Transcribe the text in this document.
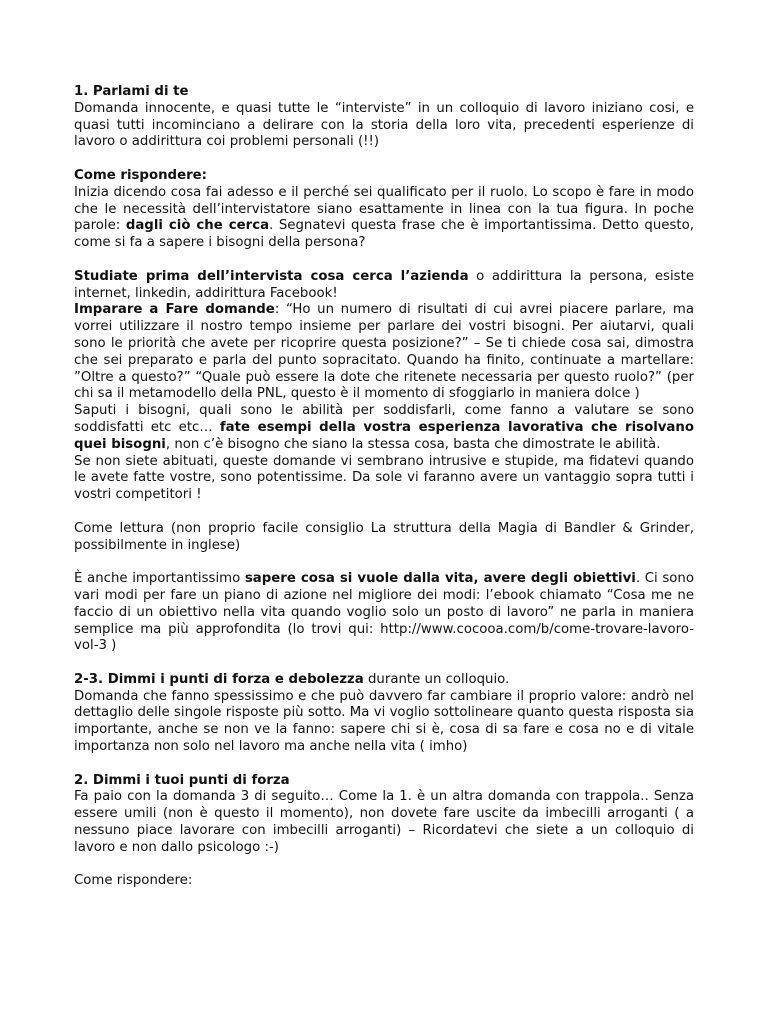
1. Parlami di te

Domanda innocente, e quasi tutte le “interviste” in un colloquio di lavoro iniziano cosi, e quasi tutti incominciano a delirare con la storia della loro vita, precedenti esperienze di lavoro o addirittura coi problemi personali (!!)

Come rispondere:

Inizia dicendo cosa fai adesso e il perché sei qualificato per il ruolo. Lo scopo è fare in modo che le necessità dell’intervistatore siano esattamente in linea con la tua figura. In poche parole: dagli ciò che cerca. Segnatevi questa frase che è importantissima. Detto questo, come si fa a sapere i bisogni della persona?

Studiate prima dell’intervista cosa cerca l’azienda o addirittura la persona, esiste internet, linkedin, addirittura Facebook!

Imparare a Fare domande: “Ho un numero di risultati di cui avrei piacere parlare, ma vorrei utilizzare il nostro tempo insieme per parlare dei vostri bisogni. Per aiutarvi, quali sono le priorità che avete per ricoprire questa posizione?” – Se ti chiede cosa sai, dimostra che sei preparato e parla del punto sopracitato. Quando ha finito, continuate a martellare: ”Oltre a questo?” “Quale può essere la dote che ritenete necessaria per questo ruolo?” (per chi sa il metamodello della PNL, questo è il momento di sfoggiarlo in maniera dolce )

Saputi i bisogni, quali sono le abilità per soddisfarli, come fanno a valutare se sono soddisfatti etc etc… fate esempi della vostra esperienza lavorativa che risolvano quei bisogni, non c’è bisogno che siano la stessa cosa, basta che dimostrate le abilità.

Se non siete abituati, queste domande vi sembrano intrusive e stupide, ma fidatevi quando le avete fatte vostre, sono potentissime. Da sole vi faranno avere un vantaggio sopra tutti i vostri competitori !

Come lettura (non proprio facile consiglio La struttura della Magia di Bandler & Grinder, possibilmente in inglese)

È anche importantissimo sapere cosa si vuole dalla vita, avere degli obiettivi. Ci sono vari modi per fare un piano di azione nel migliore dei modi: l’ebook chiamato “Cosa me ne faccio di un obiettivo nella vita quando voglio solo un posto di lavoro” ne parla in maniera semplice ma più approfondita (lo trovi qui: http://www.cocooa.com/b/come-trovare-lavoro-vol-3 )

2-3. Dimmi i punti di forza e debolezza durante un colloquio.

Domanda che fanno spessissimo e che può davvero far cambiare il proprio valore: andrò nel dettaglio delle singole risposte più sotto. Ma vi voglio sottolineare quanto questa risposta sia importante, anche se non ve la fanno: sapere chi si è, cosa di sa fare e cosa no e di vitale importanza non solo nel lavoro ma anche nella vita ( imho)

2. Dimmi i tuoi punti di forza

Fa paio con la domanda 3 di seguito… Come la 1. è un altra domanda con trappola.. Senza essere umili (non è questo il momento), non dovete fare uscite da imbecilli arroganti ( a nessuno piace lavorare con imbecilli arroganti) – Ricordatevi che siete a un colloquio di lavoro e non dallo psicologo :-)

Come rispondere:
